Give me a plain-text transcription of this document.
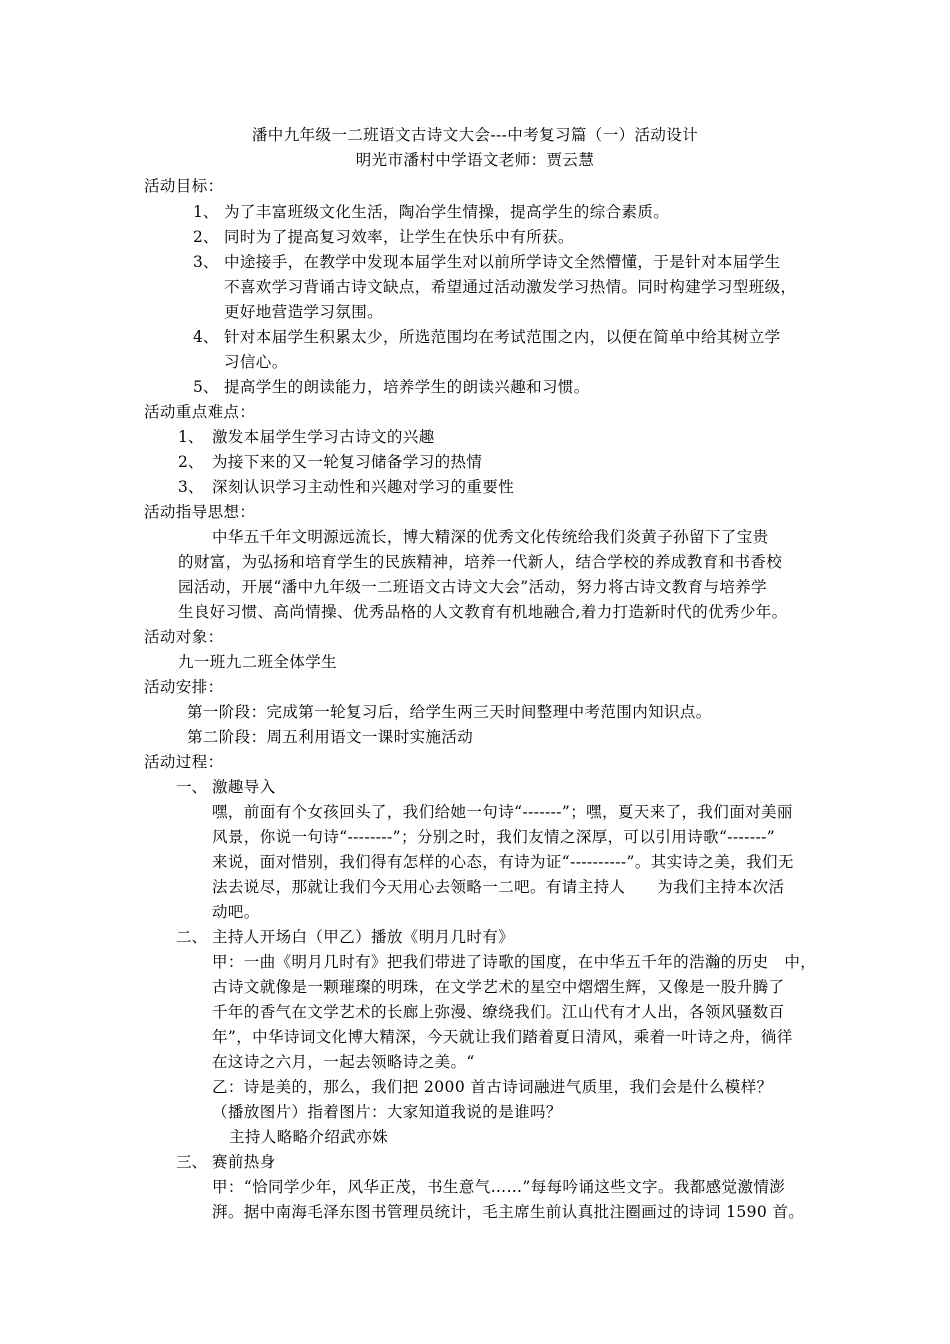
潘中九年级一二班语文古诗文大会---中考复习篇（一）活动设计
明光市潘村中学语文老师：贾云慧
活动目标：
1、 为了丰富班级文化生活，陶冶学生情操，提高学生的综合素质。
2、 同时为了提高复习效率，让学生在快乐中有所获。
3、 中途接手，在教学中发现本届学生对以前所学诗文全然懵懂，于是针对本届学生
不喜欢学习背诵古诗文缺点，希望通过活动激发学习热情。同时构建学习型班级，
更好地营造学习氛围。
4、 针对本届学生积累太少，所选范围均在考试范围之内，以便在简单中给其树立学
习信心。
5、 提高学生的朗读能力，培养学生的朗读兴趣和习惯。
活动重点难点：
1、 激发本届学生学习古诗文的兴趣
2、 为接下来的又一轮复习储备学习的热情
3、 深刻认识学习主动性和兴趣对学习的重要性
活动指导思想：
中华五千年文明源远流长，博大精深的优秀文化传统给我们炎黄子孙留下了宝贵
的财富，为弘扬和培育学生的民族精神，培养一代新人，结合学校的养成教育和书香校
园活动，开展“潘中九年级一二班语文古诗文大会”活动，努力将古诗文教育与培养学
生良好习惯、高尚情操、优秀品格的人文教育有机地融合,着力打造新时代的优秀少年。
活动对象：
九一班九二班全体学生
活动安排：
第一阶段：完成第一轮复习后，给学生两三天时间整理中考范围内知识点。
第二阶段：周五利用语文一课时实施活动
活动过程：
一、 激趣导入
嘿，前面有个女孩回头了，我们给她一句诗“-------”；嘿，夏天来了，我们面对美丽
风景，你说一句诗“--------”；分别之时，我们友情之深厚，可以引用诗歌“-------”
来说，面对惜别，我们得有怎样的心态，有诗为证“----------”。其实诗之美，我们无
法去说尽，那就让我们今天用心去领略一二吧。有请主持人　　为我们主持本次活
动吧。
二、 主持人开场白（甲乙）播放《明月几时有》
甲：一曲《明月几时有》把我们带进了诗歌的国度，在中华五千年的浩瀚的历史　中，
古诗文就像是一颗璀璨的明珠，在文学艺术的星空中熠熠生辉，又像是一股升腾了
千年的香气在文学艺术的长廊上弥漫、缭绕我们。江山代有才人出，各领风骚数百
年”，中华诗词文化博大精深，今天就让我们踏着夏日清风，乘着一叶诗之舟，徜徉
在这诗之六月，一起去领略诗之美。“
乙：诗是美的，那么，我们把 2000 首古诗词融进气质里，我们会是什么模样？
（播放图片）指着图片：大家知道我说的是谁吗？
主持人略略介绍武亦姝
三、 赛前热身
甲：“恰同学少年，风华正茂，书生意气……”每每吟诵这些文字。我都感觉激情澎
湃。据中南海毛泽东图书管理员统计，毛主席生前认真批注圈画过的诗词 1590 首。
